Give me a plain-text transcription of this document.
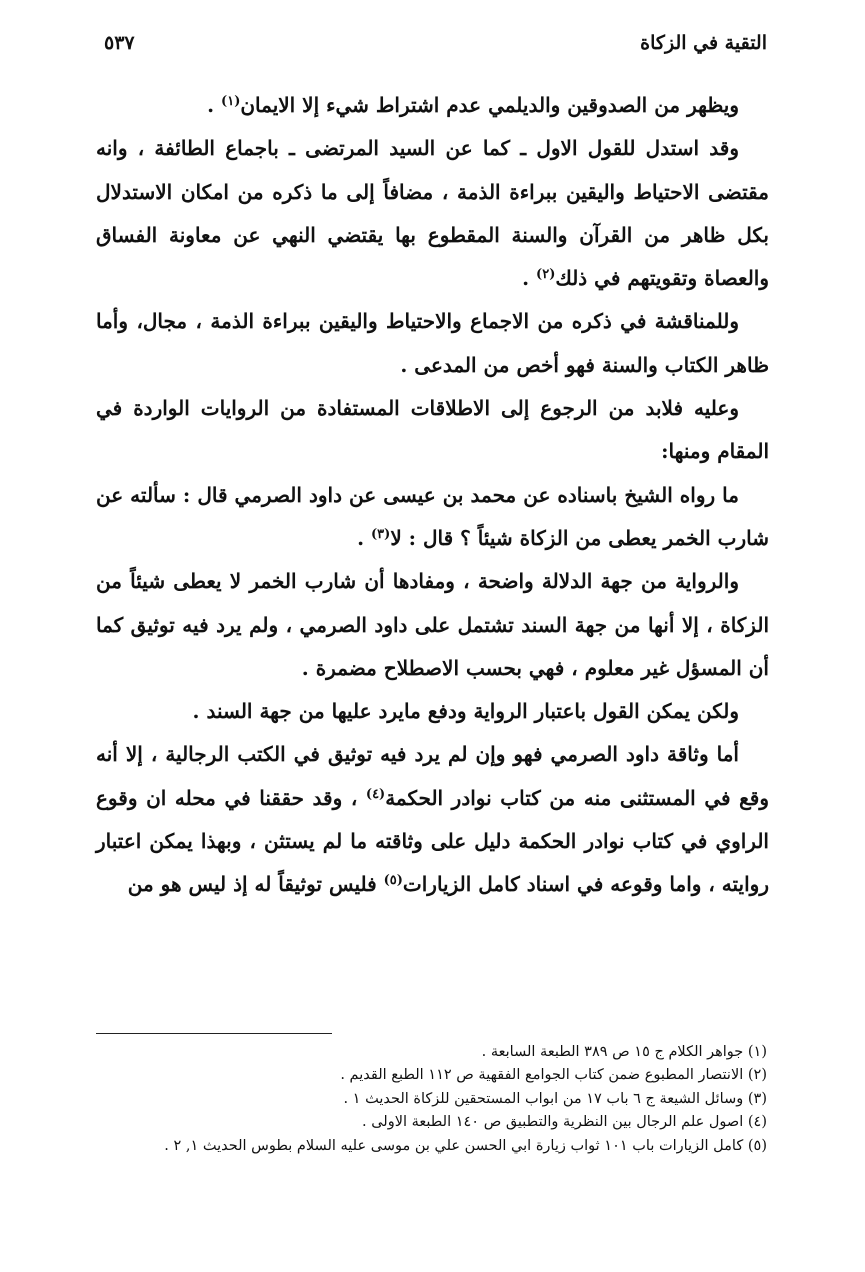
التقية في الزكاة
٥٣٧

ويظهر من الصدوقين والديلمي عدم اشتراط شيء إلا الايمان$^{(١)}$ .

وقد استدل للقول الاول ـ كما عن السيد المرتضى ـ باجماع الطائفة ، وانه مقتضى الاحتياط واليقين ببراءة الذمة ، مضافاً إلى ما ذكره من امكان الاستدلال بكل ظاهر من القرآن والسنة المقطوع بها يقتضي النهي عن معاونة الفساق والعصاة وتقويتهم في ذلك$^{(٢)}$ .

وللمناقشة في ذكره من الاجماع والاحتياط واليقين ببراءة الذمة ، مجال، وأما ظاهر الكتاب والسنة فهو أخص من المدعى .

وعليه فلابد من الرجوع إلى الاطلاقات المستفادة من الروايات الواردة في المقام ومنها:

ما رواه الشيخ باسناده عن محمد بن عيسى عن داود الصرمي قال : سألته عن شارب الخمر يعطى من الزكاة شيئاً ؟ قال : لا$^{(٣)}$ .

والرواية من جهة الدلالة واضحة ، ومفادها أن شارب الخمر لا يعطى شيئاً من الزكاة ، إلا أنها من جهة السند تشتمل على داود الصرمي ، ولم يرد فيه توثيق كما أن المسؤل غير معلوم ، فهي بحسب الاصطلاح مضمرة .

ولكن يمكن القول باعتبار الرواية ودفع مايرد عليها من جهة السند .

أما وثاقة داود الصرمي فهو وإن لم يرد فيه توثيق في الكتب الرجالية ، إلا أنه وقع في المستثنى منه من كتاب نوادر الحكمة$^{(٤)}$ ، وقد حققنا في محله ان وقوع الراوي في كتاب نوادر الحكمة دليل على وثاقته ما لم يستثن ، وبهذا يمكن اعتبار روايته ، واما وقوعه في اسناد كامل الزيارات$^{(٥)}$ فليس توثيقاً له إذ ليس هو من

(١) جواهر الكلام ج ١٥ ص ٣٨٩ الطبعة السابعة .
(٢) الانتصار المطبوع ضمن كتاب الجوامع الفقهية ص ١١٢ الطبع القديم .
(٣) وسائل الشيعة ج ٦ باب ١٧ من ابواب المستحقين للزكاة الحديث ١ .
(٤) اصول علم الرجال بين النظرية والتطبيق ص ١٤٠ الطبعة الاولى .
(٥) كامل الزيارات باب ١٠١ ثواب زيارة ابي الحسن علي بن موسى عليه السلام بطوس الحديث ١, ٢ .
